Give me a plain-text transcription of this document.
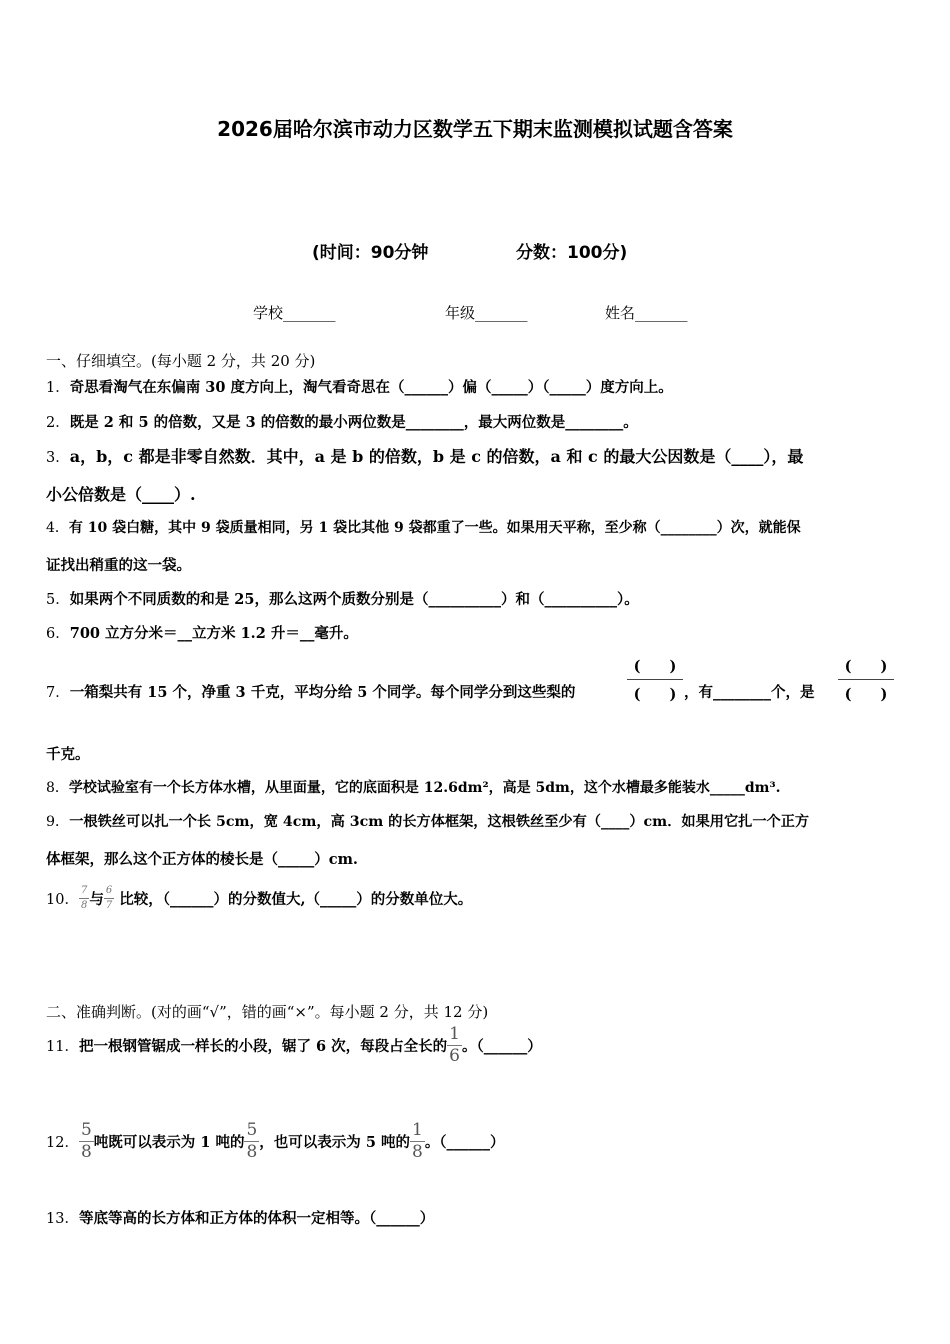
2026届哈尔滨市动力区数学五下期末监测模拟试题含答案
(时间：90分钟	分数：100分)
学校_______	年级_______	姓名_______
一、仔细填空。(每小题 2 分，共 20 分)
1．奇思看淘气在东偏南 30 度方向上，淘气看奇思在（______）偏（_____）（_____）度方向上。
2．既是 2 和 5 的倍数，又是 3 的倍数的最小两位数是________，最大两位数是________。
3．a，b，c 都是非零自然数．其中，a 是 b 的倍数，b 是 c 的倍数，a 和 c 的最大公因数是（____），最
小公倍数是（____）.
4．有 10 袋白糖，其中 9 袋质量相同，另 1 袋比其他 9 袋都重了一些。如果用天平称，至少称（________）次，就能保
证找出稍重的这一袋。
5．如果两个不同质数的和是 25，那么这两个质数分别是（__________）和（__________）。
6．700 立方分米＝__立方米 1.2 升＝__毫升。
7．一箱梨共有 15 个，净重 3 千克，平均分给 5 个同学。每个同学分到这些梨的
(　　)
(　　) ，有________个，是
(　　)
(　　)
千克。
8．学校试验室有一个长方体水槽，从里面量，它的底面积是 12.6dm²，高是 5dm，这个水槽最多能装水_____dm³.
9．一根铁丝可以扎一个长 5cm，宽 4cm，高 3cm 的长方体框架，这根铁丝至少有（____）cm．如果用它扎一个正方
体框架，那么这个正方体的棱长是（_____）cm.
10． $\frac{7}{8}$ 与 $\frac{6}{7}$ 比较，（______）的分数值大,（_____）的分数单位大。
二、准确判断。(对的画“√”，错的画“×”。每小题 2 分，共 12 分)
11．把一根钢管锯成一样长的小段，锯了 6 次，每段占全长的 $\frac{1}{6}$ 。（______）
12． $\frac{5}{8}$ 吨既可以表示为 1 吨的 $\frac{5}{8}$ ，也可以表示为 5 吨的 $\frac{1}{8}$ 。（______）
13．等底等高的长方体和正方体的体积一定相等。（______）
